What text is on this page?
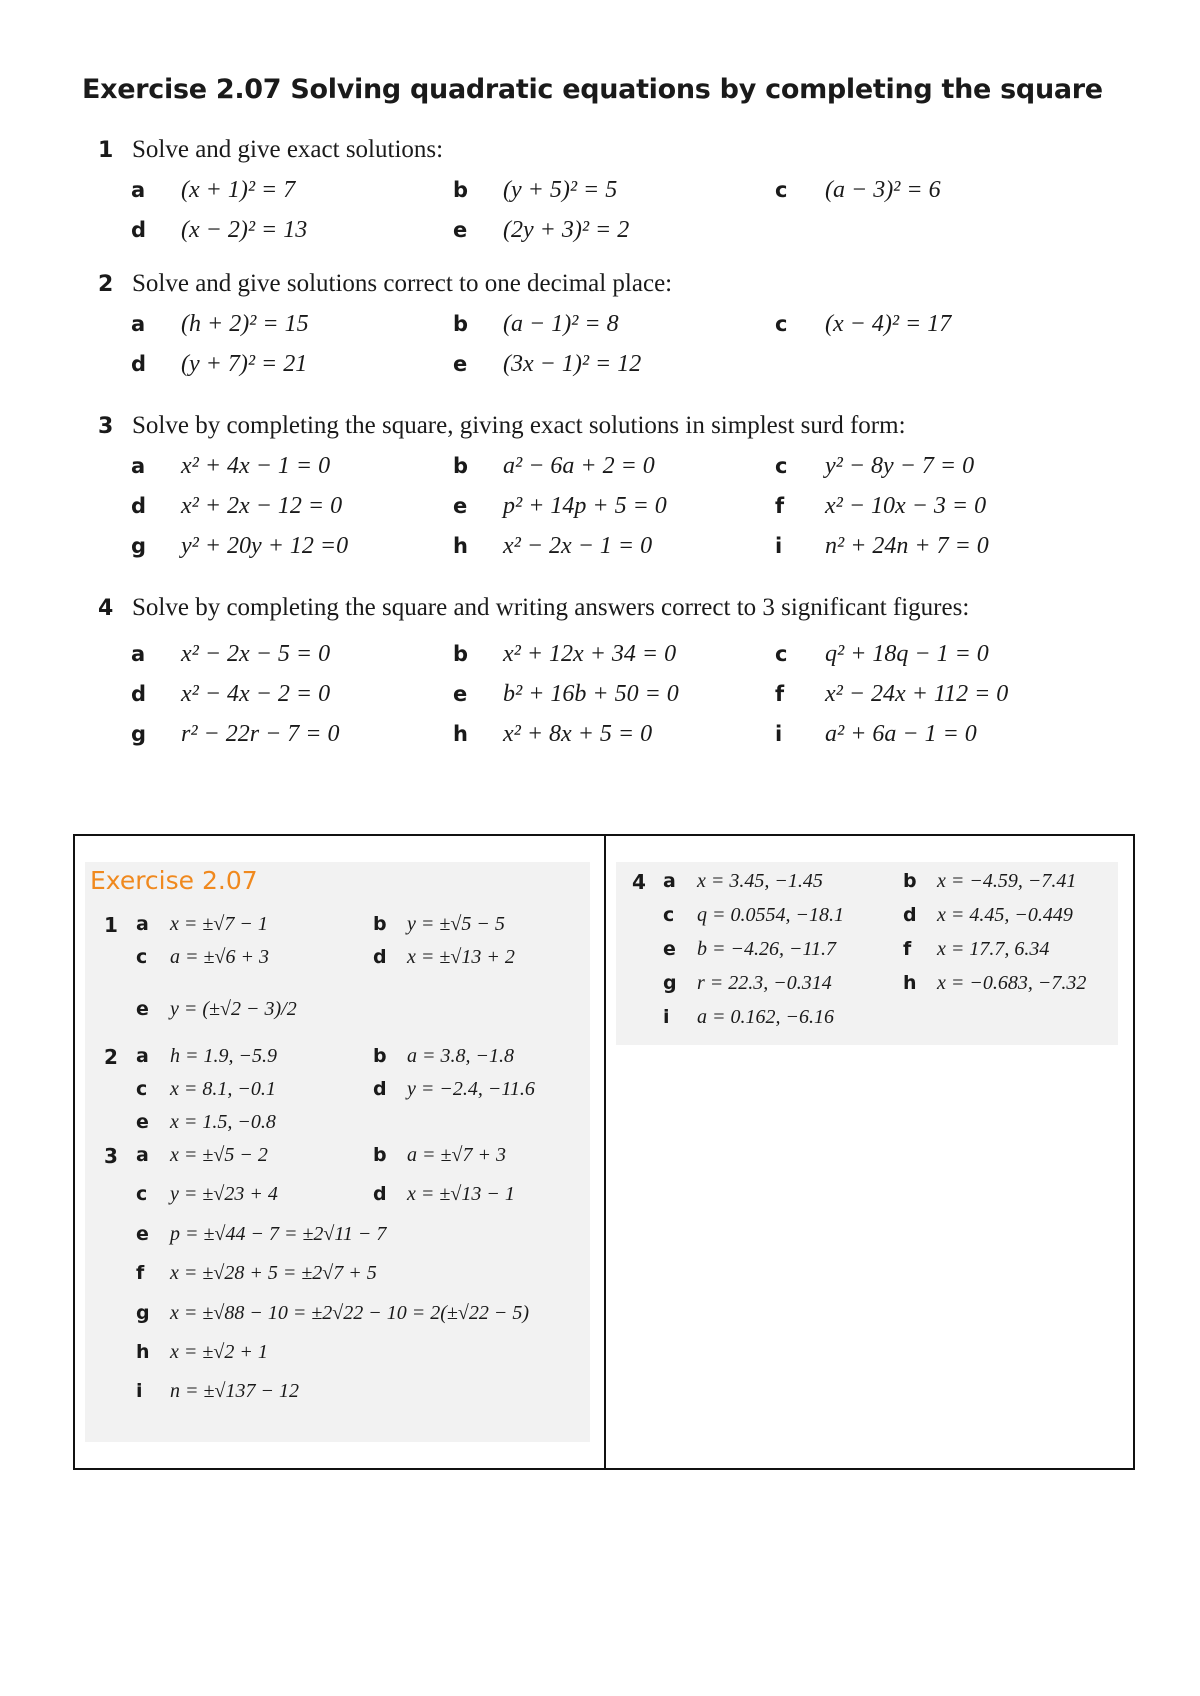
Exercise 2.07 Solving quadratic equations by completing the square
1 Solve and give exact solutions:
a (x + 1)² = 7	b (y + 5)² = 5	c (a − 3)² = 6
d (x − 2)² = 13	e (2y + 3)² = 2
2 Solve and give solutions correct to one decimal place:
a (h + 2)² = 15	b (a − 1)² = 8	c (x − 4)² = 17
d (y + 7)² = 21	e (3x − 1)² = 12
3 Solve by completing the square, giving exact solutions in simplest surd form:
a x² + 4x − 1 = 0	b a² − 6a + 2 = 0	c y² − 8y − 7 = 0
d x² + 2x − 12 = 0	e p² + 14p + 5 = 0	f x² − 10x − 3 = 0
g y² + 20y + 12 =0	h x² − 2x − 1 = 0	i n² + 24n + 7 = 0
4 Solve by completing the square and writing answers correct to 3 significant figures:
a x² − 2x − 5 = 0	b x² + 12x + 34 = 0	c q² + 18q − 1 = 0
d x² − 4x − 2 = 0	e b² + 16b + 50 = 0	f x² − 24x + 112 = 0
g r² − 22r − 7 = 0	h x² + 8x + 5 = 0	i a² + 6a − 1 = 0
Exercise 2.07
1 a x = ±√7 − 1	b y = ±√5 − 5
c a = ±√6 + 3	d x = ±√13 + 2
e y = (±√2 − 3)/2
2 a h = 1.9, −5.9	b a = 3.8, −1.8
c x = 8.1, −0.1	d y = −2.4, −11.6
e x = 1.5, −0.8
3 a x = ±√5 − 2	b a = ±√7 + 3
c y = ±√23 + 4	d x = ±√13 − 1
e p = ±√44 − 7 = ±2√11 − 7
f x = ±√28 + 5 = ±2√7 + 5
g x = ±√88 − 10 = ±2√22 − 10 = 2(±√22 − 5)
h x = ±√2 + 1
i n = ±√137 − 12
4 a x = 3.45, −1.45	b x = −4.59, −7.41
c q = 0.0554, −18.1	d x = 4.45, −0.449
e b = −4.26, −11.7	f x = 17.7, 6.34
g r = 22.3, −0.314	h x = −0.683, −7.32
i a = 0.162, −6.16
